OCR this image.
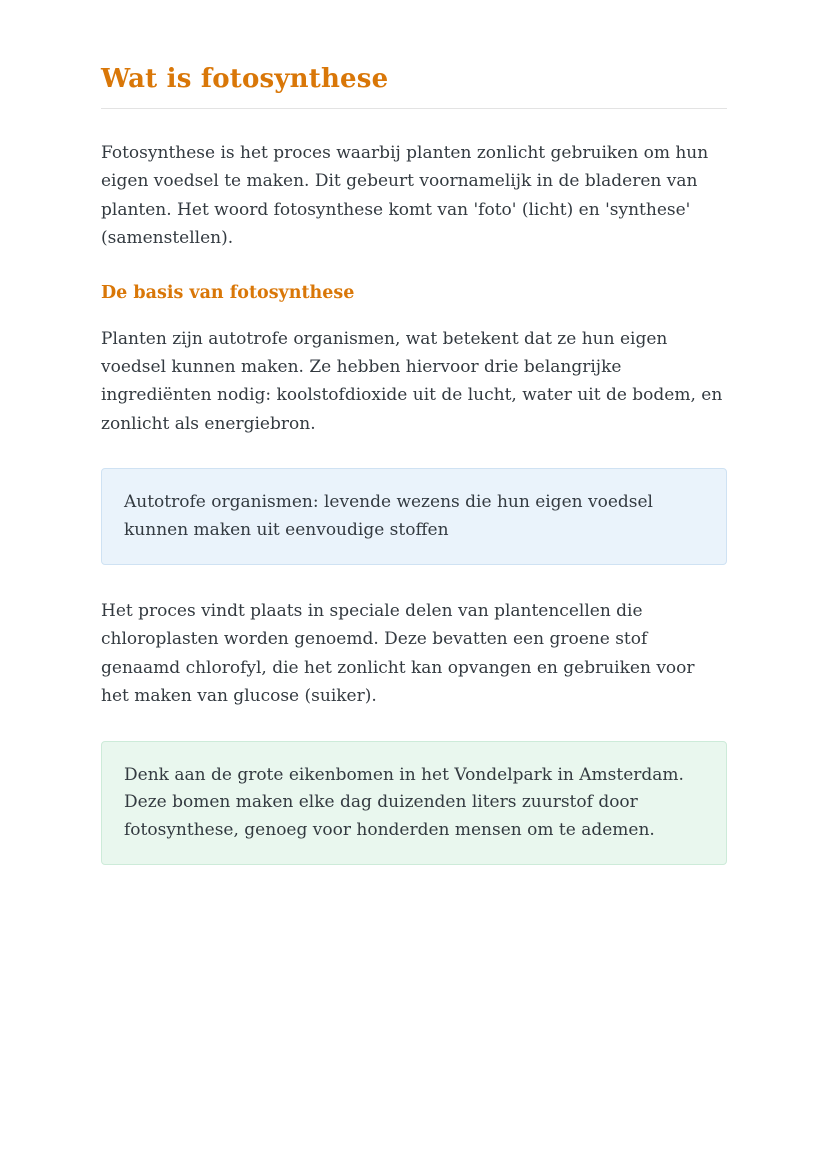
Wat is fotosynthese

Fotosynthese is het proces waarbij planten zonlicht gebruiken om hun eigen voedsel te maken. Dit gebeurt voornamelijk in de bladeren van planten. Het woord fotosynthese komt van 'foto' (licht) en 'synthese' (samenstellen).

De basis van fotosynthese

Planten zijn autotrofe organismen, wat betekent dat ze hun eigen voedsel kunnen maken. Ze hebben hiervoor drie belangrijke ingrediënten nodig: koolstofdioxide uit de lucht, water uit de bodem, en zonlicht als energiebron.

Autotrofe organismen: levende wezens die hun eigen voedsel kunnen maken uit eenvoudige stoffen

Het proces vindt plaats in speciale delen van plantencellen die chloroplasten worden genoemd. Deze bevatten een groene stof genaamd chlorofyl, die het zonlicht kan opvangen en gebruiken voor het maken van glucose (suiker).

Denk aan de grote eikenbomen in het Vondelpark in Amsterdam. Deze bomen maken elke dag duizenden liters zuurstof door fotosynthese, genoeg voor honderden mensen om te ademen.
